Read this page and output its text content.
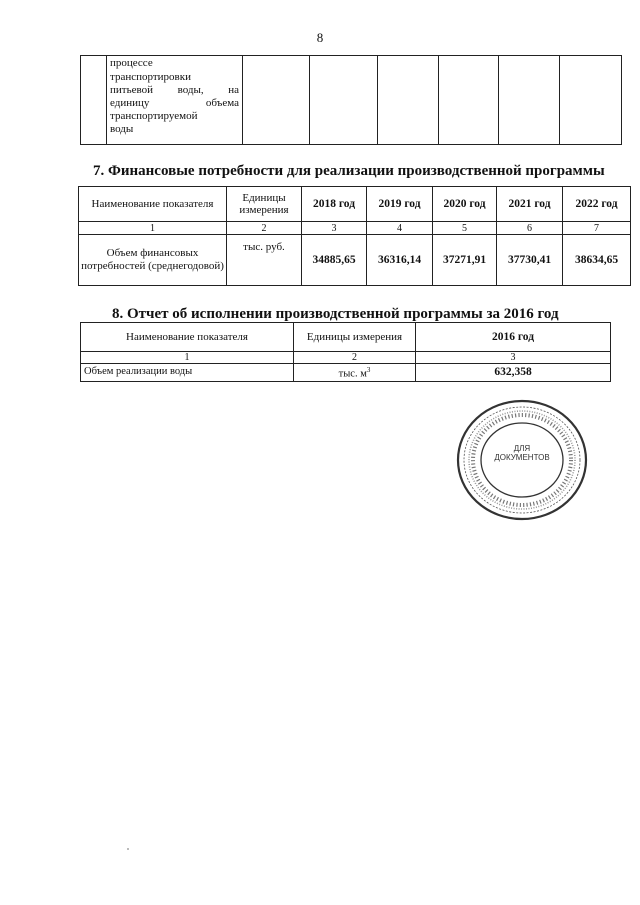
8

процессе
транспортировки
питьевой воды, на
единицу объема
транспортируемой
воды

7. Финансовые потребности для реализации производственной программы
Наименование показателя	Единицы измерения	2018 год	2019 год	2020 год	2021 год	2022 год
1	2	3	4	5	6	7
Объем финансовых потребностей (среднегодовой)	тыс. руб.	34885,65	36316,14	37271,91	37730,41	38634,65
8. Отчет об исполнении производственной программы за 2016 год
Наименование показателя	Единицы измерения	2016 год
1	2	3
Объем реализации воды	тыс. $м^3$	632,358
ДЛЯ
ДОКУМЕНТОВ
